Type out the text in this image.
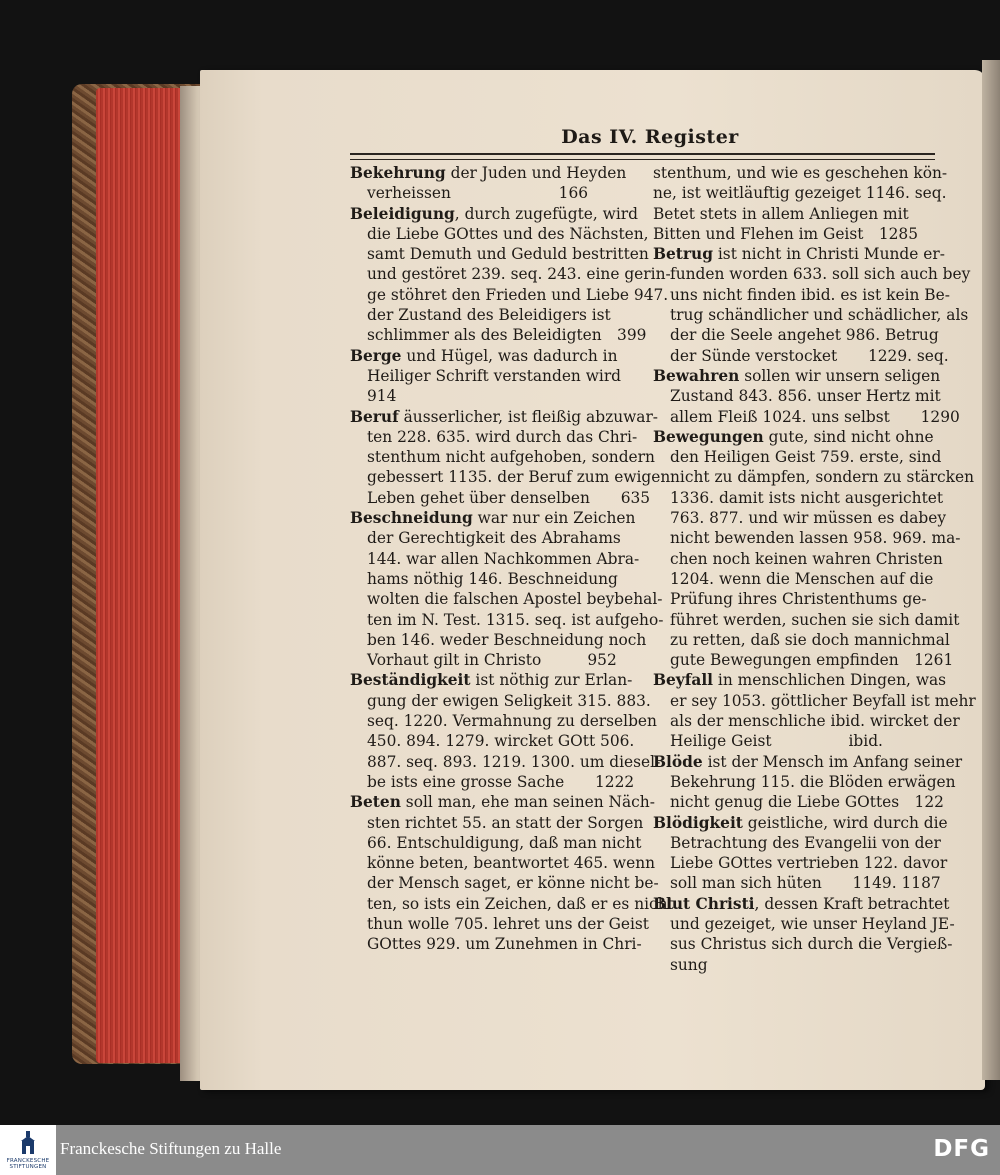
Das IV. Register
Bekehrung der Juden und Heyden
verheissen       166
Beleidigung, durch zugefügte, wird
die Liebe GOttes und des Nächsten,
samt Demuth und Geduld bestritten
und gestöret 239. seq. 243. eine gerin-
ge stöhret den Frieden und Liebe 947.
der Zustand des Beleidigers ist
schlimmer als des Beleidigten 399
Berge und Hügel, was dadurch in
Heiliger Schrift verstanden wird
914
Beruf äusserlicher, ist fleißig abzuwar-
ten 228. 635. wird durch das Chri-
stenthum nicht aufgehoben, sondern
gebessert 1135. der Beruf zum ewigen
Leben gehet über denselben  635
Beschneidung war nur ein Zeichen
der Gerechtigkeit des Abrahams
144. war allen Nachkommen Abra-
hams nöthig 146. Beschneidung
wolten die falschen Apostel beybehal-
ten im N. Test. 1315. seq. ist aufgeho-
ben 146. weder Beschneidung noch
Vorhaut gilt in Christo   952
Beständigkeit ist nöthig zur Erlan-
gung der ewigen Seligkeit 315. 883.
seq. 1220. Vermahnung zu derselben
450. 894. 1279. wircket GOtt 506.
887. seq. 893. 1219. 1300. um diesel-
be ists eine grosse Sache  1222
Beten soll man, ehe man seinen Näch-
sten richtet 55. an statt der Sorgen
66. Entschuldigung, daß man nicht
könne beten, beantwortet 465. wenn
der Mensch saget, er könne nicht be-
ten, so ists ein Zeichen, daß er es nicht
thun wolle 705. lehret uns der Geist
GOttes 929. um Zunehmen in Chri-
stenthum, und wie es geschehen kön-
ne, ist weitläuftig gezeiget 1146. seq.
Betet stets in allem Anliegen mit
Bitten und Flehen im Geist 1285
Betrug ist nicht in Christi Munde er-
funden worden 633. soll sich auch bey
uns nicht finden ibid. es ist kein Be-
trug schändlicher und schädlicher, als
der die Seele angehet 986. Betrug
der Sünde verstocket  1229. seq.
Bewahren sollen wir unsern seligen
Zustand 843. 856. unser Hertz mit
allem Fleiß 1024. uns selbst  1290
Bewegungen gute, sind nicht ohne
den Heiligen Geist 759. erste, sind
nicht zu dämpfen, sondern zu stärcken
1336. damit ists nicht ausgerichtet
763. 877. und wir müssen es dabey
nicht bewenden lassen 958. 969. ma-
chen noch keinen wahren Christen
1204. wenn die Menschen auf die
Prüfung ihres Christenthums ge-
führet werden, suchen sie sich damit
zu retten, daß sie doch mannichmal
gute Bewegungen empfinden 1261
Beyfall in menschlichen Dingen, was
er sey 1053. göttlicher Beyfall ist mehr
als der menschliche ibid. wircket der
Heilige Geist     ibid.
Blöde ist der Mensch im Anfang seiner
Bekehrung 115. die Blöden erwägen
nicht genug die Liebe GOttes 122
Blödigkeit geistliche, wird durch die
Betrachtung des Evangelii von der
Liebe GOttes vertrieben 122. davor
soll man sich hüten  1149. 1187
Blut Christi, dessen Kraft betrachtet
und gezeiget, wie unser Heyland JE-
sus Christus sich durch die Vergieß-
sung
FRANCKESCHE STIFTUNGEN
Franckesche Stiftungen zu Halle	DFG
